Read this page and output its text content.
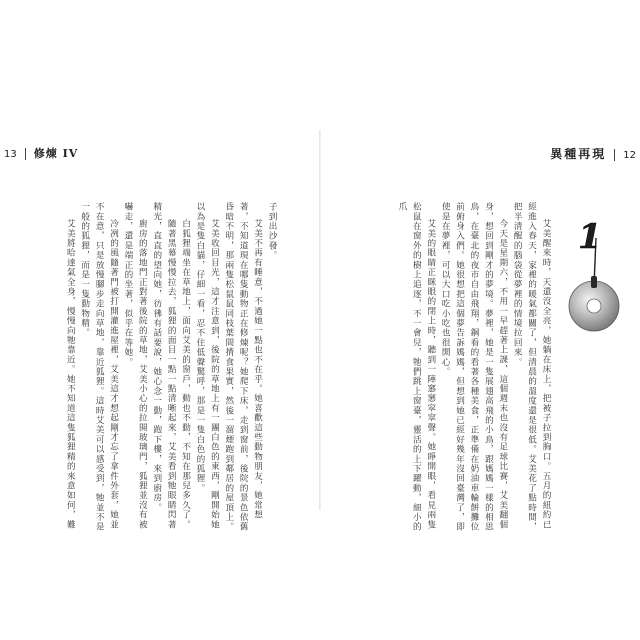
13 修煉 IV	異種再現 12

艾美醒來時，天還沒全亮，她躺在床上，把被子拉到胸口。五月的紐約已經進入春天，家裡的暖氣都關了，但清晨的溫度還是很低。艾美花了點時間，把半清醒的腦袋從夢裡的情境拉回來。

今天是星期六，不用一早趕著上課，這個週末也沒有足球比賽，艾美翻個身，想回到剛才的夢境。夢裡，她是一隻展翅高飛的小鳥，跟媽媽一樣的相思鳥，在臺北的夜市自由飛翔，鋼看的看著各種美食，正準備在奶油車輪餅攤位前俯身入們。她很想把這個夢告訴媽媽，但想到她已經好幾年沒回臺灣了，即使是在夢裡，可以大口吃小吃也很開心。

艾美的眼睛正眯眼的閉上時，聽到一陣窸窸窣窣聲。她睜開眼，看見兩隻松鼠在窗外的樹上追逐，不一會兒，牠們跳上窗臺，靈活的上下躍動，細小的爪

1

子到出沙發。

艾美不再有睡意，不過她一點也不在乎。她喜歡這些動物朋友，她常想著，不知道現在哪隻動物正在修煉呢？她爬下床，走到窗前，後院的景色依舊昏暗不明，那兩隻松鼠鼠同枝葉間揹食果實，然後一溜煙跑到鄰居的屋頂上。

艾美收回目光，這才注意到，後院的草地上有一團白色的東西，剛開始她以為是隻白貓，仔細一看，忍不住低聲驚呼，那是一隻白色的狐狸。

白狐狸端坐在草地上，面向艾美的窗戶，動也不動，不知在那兒多久了。

隨著黑幕慢慢拉去，狐狸的面目一點一點清晰起來，艾美看到牠眼睛閃著精光，直直的望向她，彷彿有話要說，她心念一動，跑下樓，來到廚房。

廚房的落地門正對著後院的草地，艾美小心的拉開玻璃門，狐狸並沒有被嚇走，還是端正的坐著，似乎在等她。

冷冽的風隨著門被打開灌進屋裡，艾美這才想起剛才忘了拿件外套，她並不在意，只是放慢腳步走向草地，靠近狐狸。這時艾美可以感受到，牠並不是一般的狐狸，而是一隻動物精。

艾美將哈達氣全身，慢慢向牠靠近。她不知道這隻狐狸精的來意如何，難
